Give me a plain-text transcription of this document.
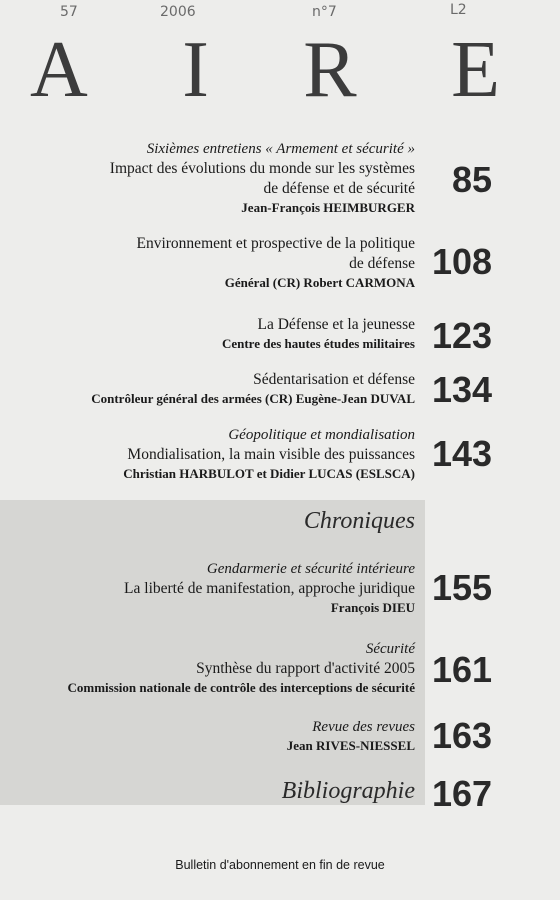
57	2006	n°7	L2
A I R E
Sixièmes entretiens « Armement et sécurité »
Impact des évolutions du monde sur les systèmes
de défense et de sécurité
Jean-François HEIMBURGER
85
Environnement et prospective de la politique
de défense
Général (CR) Robert CARMONA
108
La Défense et la jeunesse
Centre des hautes études militaires 123
Sédentarisation et défense
Contrôleur général des armées (CR) Eugène-Jean DUVAL 134
Géopolitique et mondialisation
Mondialisation, la main visible des puissances
Christian HARBULOT et Didier LUCAS (ESLSCA) 143
Chroniques
Gendarmerie et sécurité intérieure
La liberté de manifestation, approche juridique
François DIEU 155
Sécurité
Synthèse du rapport d'activité 2005
Commission nationale de contrôle des interceptions de sécurité 161
Revue des revues
Jean RIVES-NIESSEL 163
Bibliographie 167
Bulletin d'abonnement en fin de revue
